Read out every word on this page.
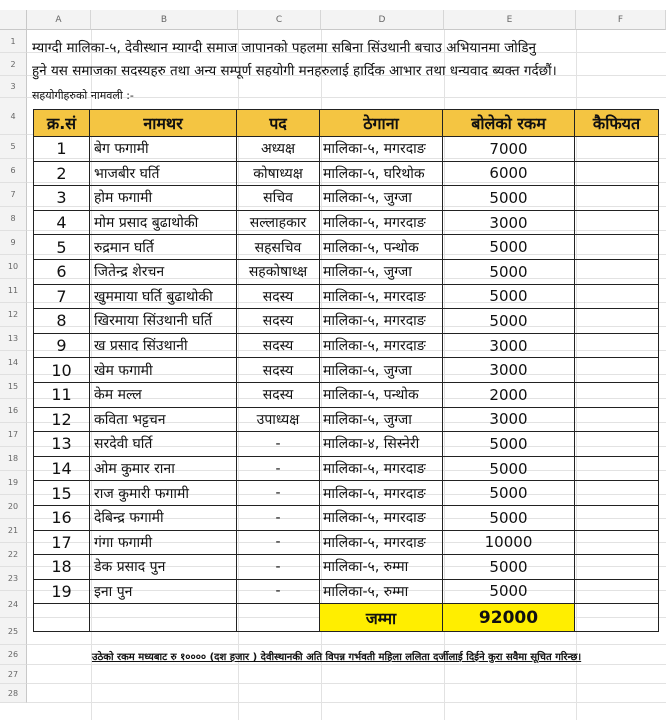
A	B	C	D	E	F
1
2
3
4
5
6
7
8
9
10
11
12
13
14
15
16
17
18
19
20
21
22
23
24
25
26
27
28
म्याग्दी मालिका-५, देवीस्थान म्याग्दी समाज जापानको पहलमा सबिना सिंउथानी बचाउ अभियानमा जोडिनु
हुने यस समाजका सदस्यहरु तथा अन्य सम्पूर्ण सहयोगी मनहरुलाई हार्दिक आभार तथा धन्यवाद ब्यक्त गर्दछौं।
सहयोगीहरुको नामवली :-
क्र.सं	नामथर	पद	ठेगाना	बोलेको रकम	कैफियत
1	बेग फगामी	अध्यक्ष	मालिका-५, मगरदाङ	7000	
2	भाजबीर घर्ति	कोषाध्यक्ष	मालिका-५, घरिथोक	6000	
3	होम फगामी	सचिव	मालिका-५, जुग्जा	5000	
4	मोम प्रसाद बुढाथोकी	सल्लाहकार	मालिका-५, मगरदाङ	3000	
5	रुद्रमान घर्ति	सहसचिव	मालिका-५, पन्थोक	5000	
6	जितेन्द्र शेरचन	सहकोषाध्क्ष	मालिका-५, जुग्जा	5000	
7	खुममाया घर्ति बुढाथोकी	सदस्य	मालिका-५, मगरदाङ	5000	
8	खिरमाया सिंउथानी घर्ति	सदस्य	मालिका-५, मगरदाङ	5000	
9	ख प्रसाद सिंउथानी	सदस्य	मालिका-५, मगरदाङ	3000	
10	खेम फगामी	सदस्य	मालिका-५, जुग्जा	3000	
11	केम मल्ल	सदस्य	मालिका-५, पन्थोक	2000	
12	कविता भट्टचन	उपाध्यक्ष	मालिका-५, जुग्जा	3000	
13	सरदेवी घर्ति	-	मालिका-४, सिस्नेरी	5000	
14	ओम कुमार राना	-	मालिका-५, मगरदाङ	5000	
15	राज कुमारी फगामी	-	मालिका-५, मगरदाङ	5000	
16	देबिन्द्र फगामी	-	मालिका-५, मगरदाङ	5000	
17	गंगा फगामी	-	मालिका-५, मगरदाङ	10000	
18	डेक प्रसाद पुन	-	मालिका-५, रुम्मा	5000	
19	इना पुन	-	मालिका-५, रुम्मा	5000	
			जम्मा	92000	
उठेको रकम मध्यबाट रु १०००० (दश हजार ) देवीस्थानकी अति विपन्न गर्भवती महिला ललिता दर्जीलाई दिईने कुरा सवैमा सूचित गरिन्छ।
